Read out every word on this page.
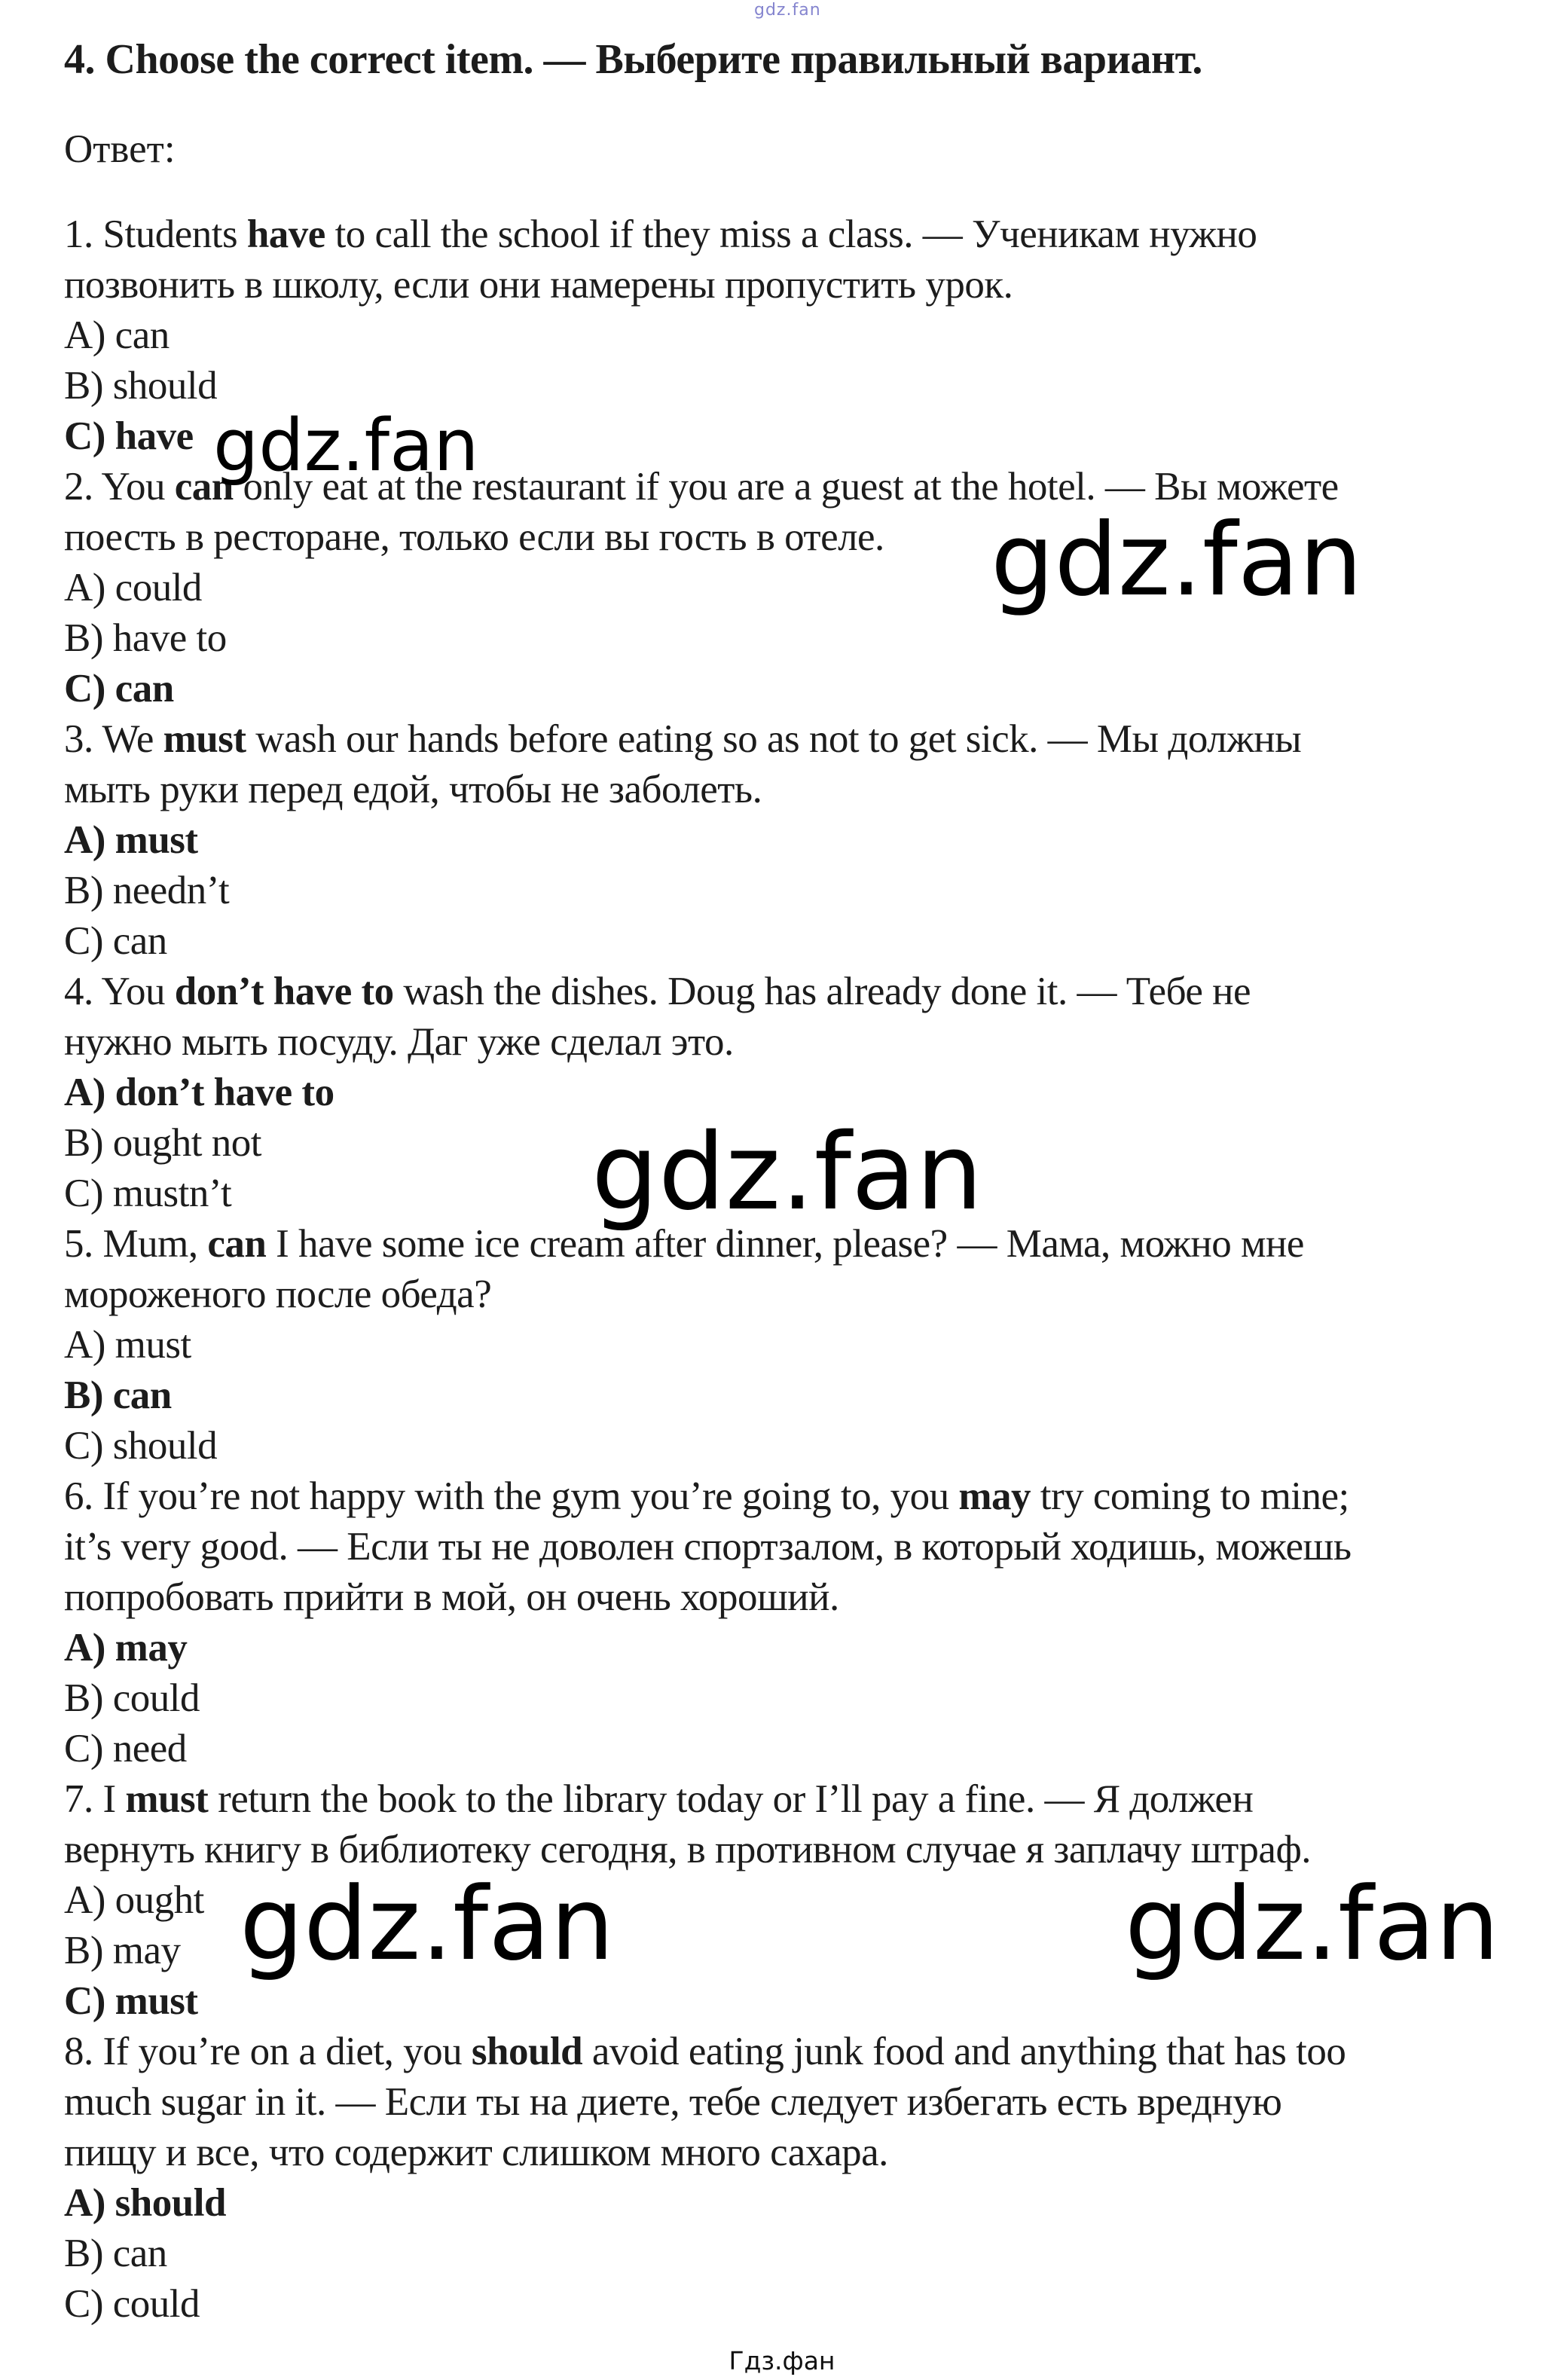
gdz.fan
4. Choose the correct item. — Выберите правильный вариант.
Ответ:
1. Students have to call the school if they miss a class. — Ученикам нужно
позвонить в школу, если они намерены пропустить урок.
A) can
B) should
C) have
2. You can only eat at the restaurant if you are a guest at the hotel. — Вы можете
поесть в ресторане, только если вы гость в отеле.
A) could
B) have to
C) can
3. We must wash our hands before eating so as not to get sick. — Мы должны
мыть руки перед едой, чтобы не заболеть.
A) must
B) needn’t
C) can
4. You don’t have to wash the dishes. Doug has already done it. — Тебе не
нужно мыть посуду. Даг уже сделал это.
A) don’t have to
B) ought not
C) mustn’t
5. Mum, can I have some ice cream after dinner, please? — Мама, можно мне
мороженого после обеда?
A) must
B) can
C) should
6. If you’re not happy with the gym you’re going to, you may try coming to mine;
it’s very good. — Если ты не доволен спортзалом, в который ходишь, можешь
попробовать прийти в мой, он очень хороший.
A) may
B) could
C) need
7. I must return the book to the library today or I’ll pay a fine. — Я должен
вернуть книгу в библиотеку сегодня, в противном случае я заплачу штраф.
A) ought
B) may
C) must
8. If you’re on a diet, you should avoid eating junk food and anything that has too
much sugar in it. — Если ты на диете, тебе следует избегать есть вредную
пищу и все, что содержит слишком много сахара.
A) should
B) can
C) could
Гдз.фан
gdz.fan
gdz.fan
gdz.fan
gdz.fan	gdz.fan
